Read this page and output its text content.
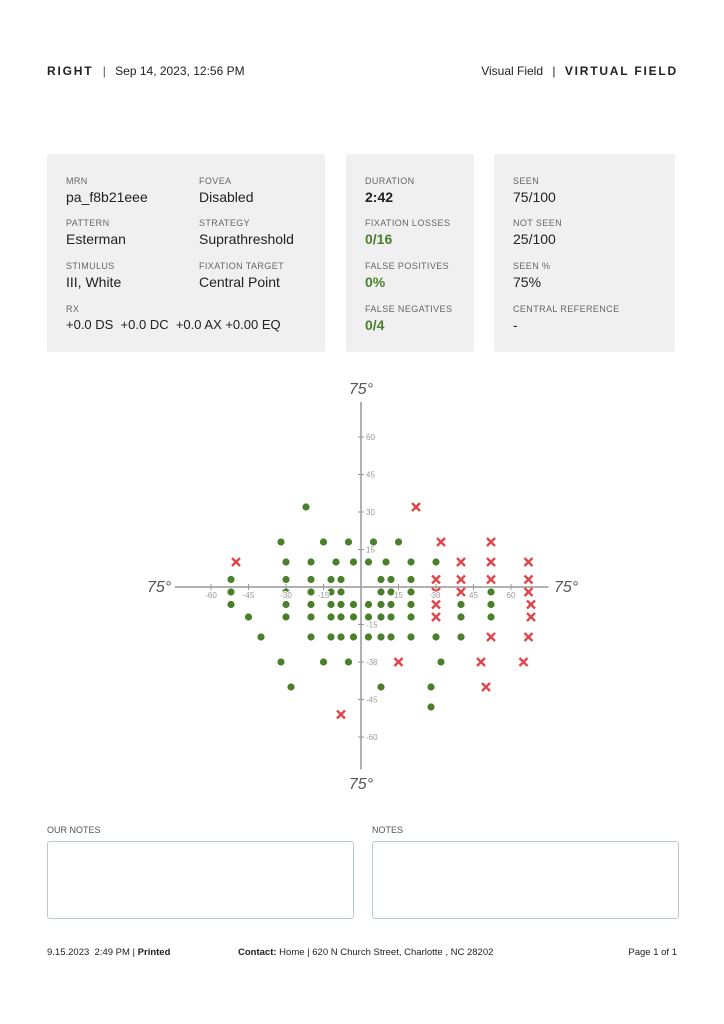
RIGHT | Sep 14, 2023, 12:56 PM	Visual Field | VIRTUAL FIELD
MRN
pa_f8b21eee
FOVEA
Disabled
PATTERN
Esterman
STRATEGY
Suprathreshold
STIMULUS
III, White
FIXATION TARGET
Central Point
RX
+0.0 DS  +0.0 DC  +0.0 AX +0.00 EQ
DURATION
2:42
FIXATION LOSSES
0/16
FALSE POSITIVES
0%
FALSE NEGATIVES
0/4
SEEN
75/100
NOT SEEN
25/100
SEEN %
75%
CENTRAL REFERENCE
-
-60	-45	-30	-15	15	30	45	60
60
45
30
15
-15
-30
-45
-60
75°
75°
75°	75°
OUR NOTES	NOTES
9.15.2023  2:49 PM | Printed	Contact: Home | 620 N Church Street, Charlotte , NC 28202	Page 1 of 1
